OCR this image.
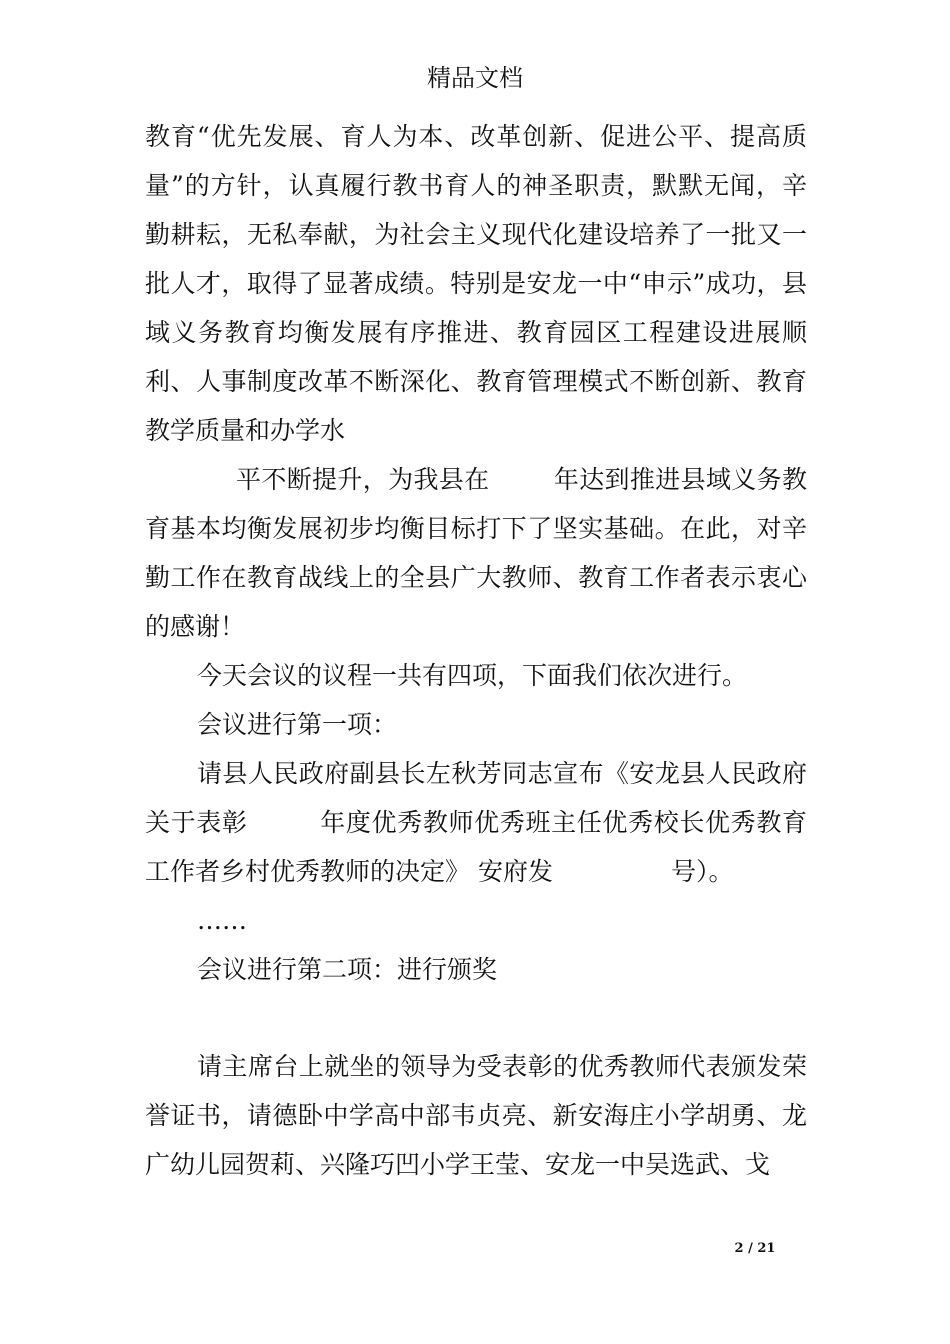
精品文档

教育“优先发展、育人为本、改革创新、促进公平、提高质量”的方针，认真履行教书育人的神圣职责，默默无闻，辛勤耕耘，无私奉献，为社会主义现代化建设培养了一批又一批人才，取得了显著成绩。特别是安龙一中“申示”成功，县域义务教育均衡发展有序推进、教育园区工程建设进展顺利、人事制度改革不断深化、教育管理模式不断创新、教育教学质量和办学水

平不断提升，为我县在	年达到推进县域义务教育基本均衡发展初步均衡目标打下了坚实基础。在此，对辛勤工作在教育战线上的全县广大教师、教育工作者表示衷心的感谢！

今天会议的议程一共有四项，下面我们依次进行。

会议进行第一项：

请县人民政府副县长左秋芳同志宣布《安龙县人民政府关于表彰	年度优秀教师优秀班主任优秀校长优秀教育工作者乡村优秀教师的决定》 安府发	号）。

……

会议进行第二项：进行颁奖

请主席台上就坐的领导为受表彰的优秀教师代表颁发荣誉证书，请德卧中学高中部韦贞亮、新安海庄小学胡勇、龙广幼儿园贺莉、兴隆巧凹小学王莹、安龙一中吴选武、戈

2 / 21
